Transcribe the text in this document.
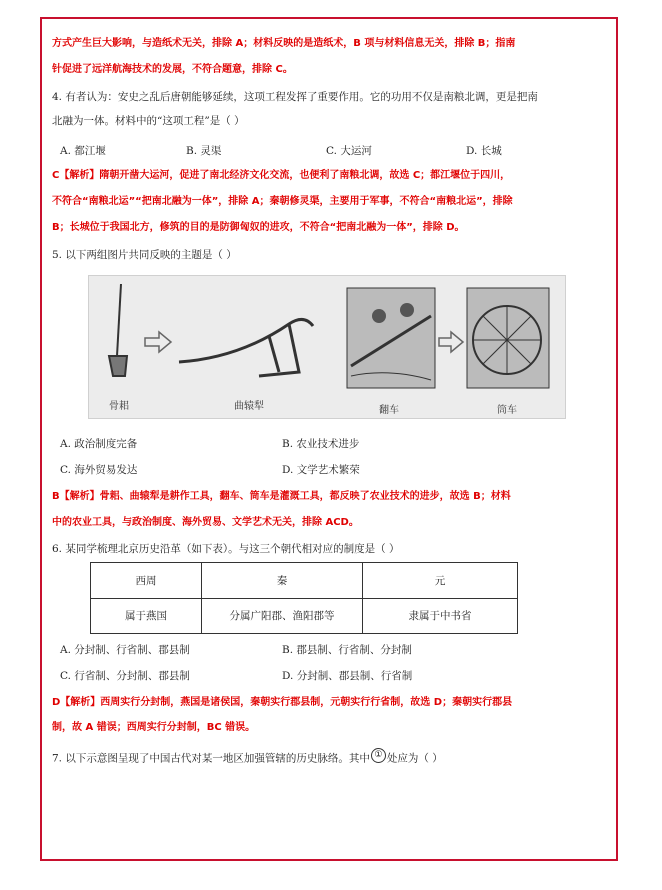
方式产生巨大影响，与造纸术无关，排除 A；材料反映的是造纸术，B 项与材料信息无关，排除 B；指南
针促进了远洋航海技术的发展，不符合题意，排除 C。
4. 有者认为：安史之乱后唐朝能够延续，这项工程发挥了重要作用。它的功用不仅是南粮北调，更是把南
北融为一体。材料中的“这项工程”是（ ）
A. 都江堰	B. 灵渠	C. 大运河	D. 长城
C【解析】隋朝开凿大运河，促进了南北经济文化交流，也便利了南粮北调，故选 C；都江堰位于四川，
不符合“南粮北运”“把南北融为一体”，排除 A；秦朝修灵渠，主要用于军事，不符合“南粮北运”，排除
B；长城位于我国北方，修筑的目的是防御匈奴的进攻，不符合“把南北融为一体”，排除 D。
5. 以下两组图片共同反映的主题是（ ）
骨耜	曲辕犁	翻车	筒车
A. 政治制度完备	B. 农业技术进步
C. 海外贸易发达	D. 文学艺术繁荣
B【解析】骨耜、曲辕犁是耕作工具，翻车、筒车是灌溉工具，都反映了农业技术的进步，故选 B；材料
中的农业工具，与政治制度、海外贸易、文学艺术无关，排除 ACD。
6. 某同学梳理北京历史沿革（如下表）。与这三个朝代相对应的制度是（ ）
西周	秦	元
属于燕国	分属广阳郡、渔阳郡等	隶属于中书省
A. 分封制、行省制、郡县制	B. 郡县制、行省制、分封制
C. 行省制、分封制、郡县制	D. 分封制、郡县制、行省制
D【解析】西周实行分封制，燕国是诸侯国，秦朝实行郡县制，元朝实行行省制，故选 D；秦朝实行郡县
制，故 A 错误；西周实行分封制，BC 错误。
7. 以下示意图呈现了中国古代对某一地区加强管辖的历史脉络。其中 ① 处应为（ ）
